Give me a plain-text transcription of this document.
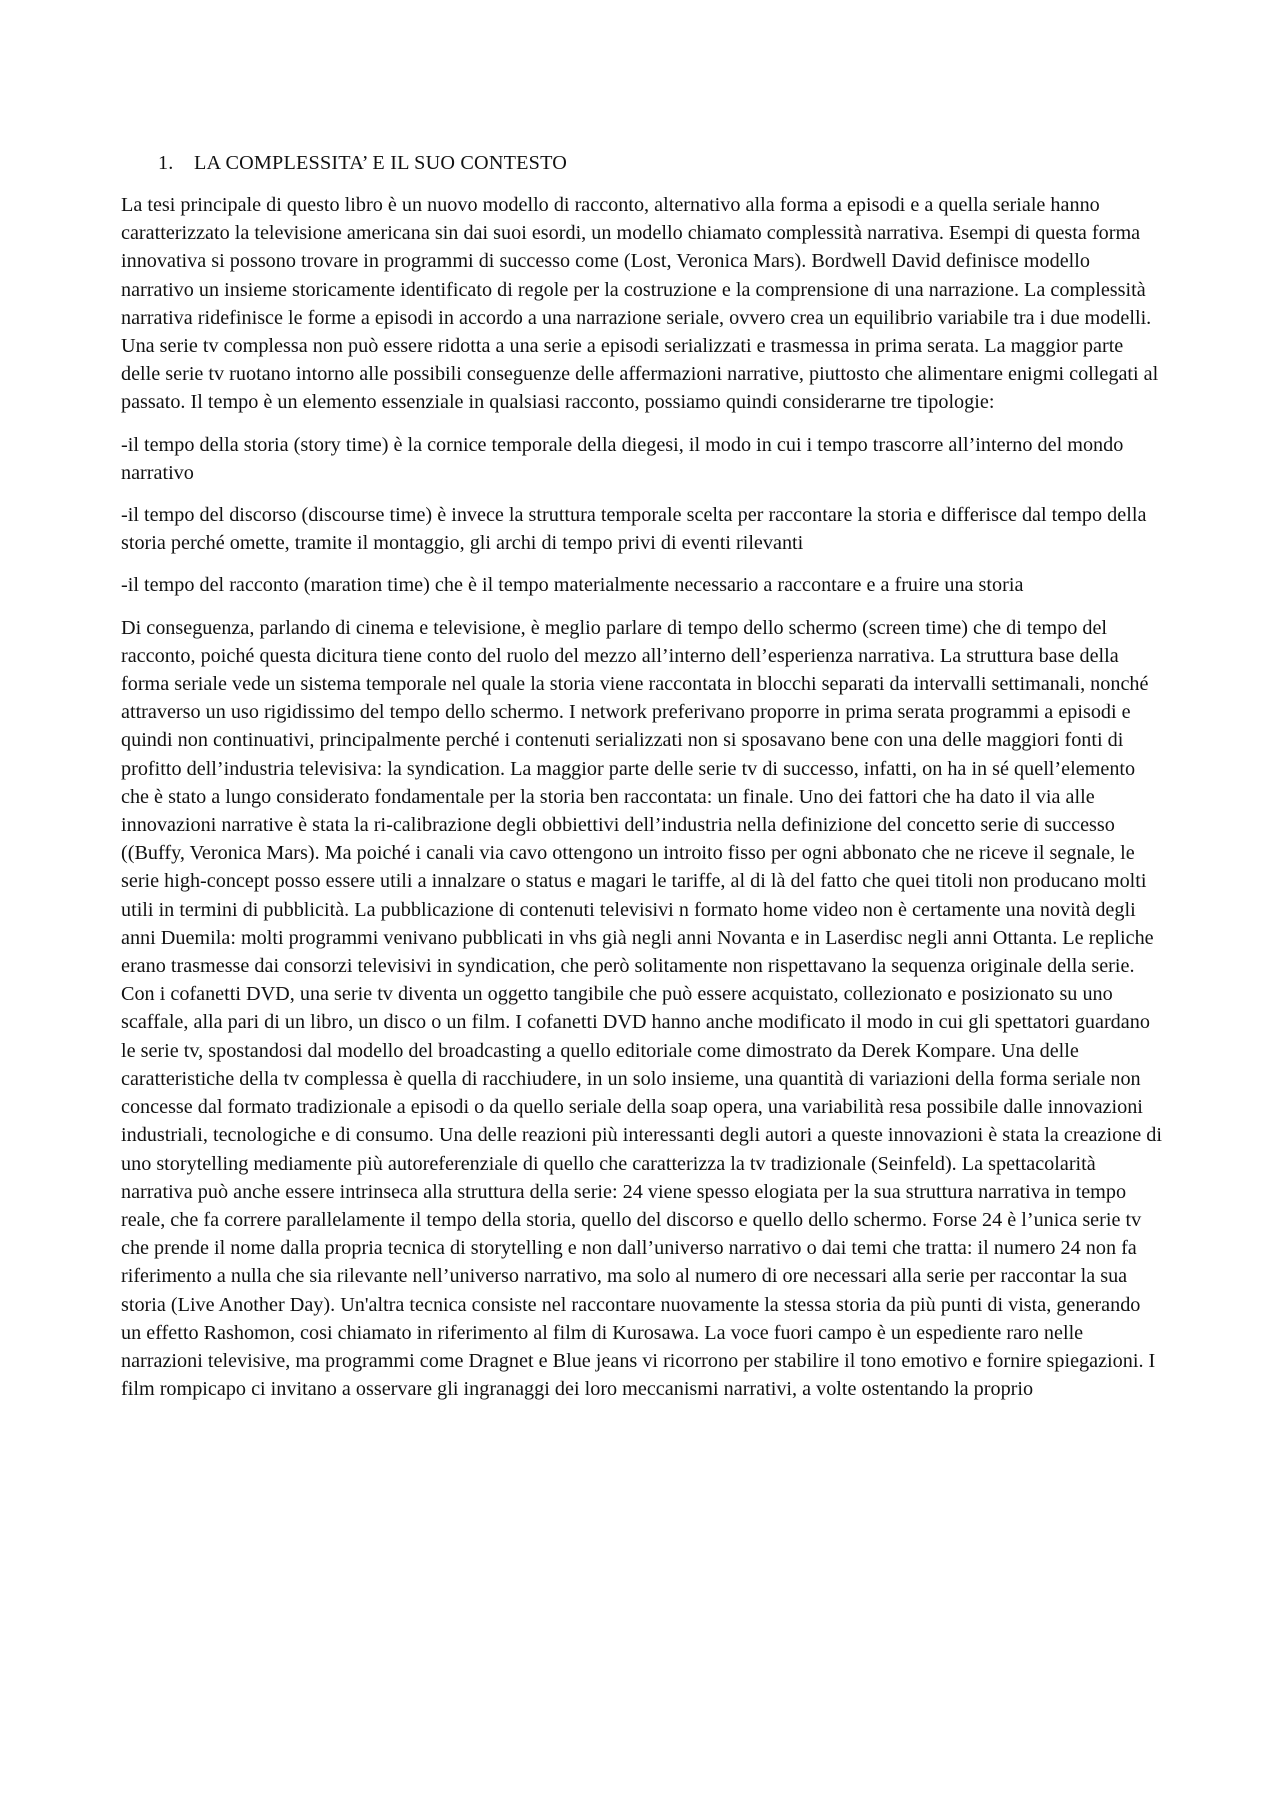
1.	LA COMPLESSITA’ E IL SUO CONTESTO

La tesi principale di questo libro è un nuovo modello di racconto, alternativo alla forma a episodi e a quella seriale hanno caratterizzato la televisione americana sin dai suoi esordi, un modello chiamato complessità narrativa. Esempi di questa forma innovativa si possono trovare in programmi di successo come (Lost, Veronica Mars). Bordwell David definisce modello narrativo un insieme storicamente identificato di regole per la costruzione e la comprensione di una narrazione. La complessità narrativa ridefinisce le forme a episodi in accordo a una narrazione seriale, ovvero crea un equilibrio variabile tra i due modelli. Una serie tv complessa non può essere ridotta a una serie a episodi serializzati e trasmessa in prima serata. La maggior parte delle serie tv ruotano intorno alle possibili conseguenze delle affermazioni narrative, piuttosto che alimentare enigmi collegati al passato. Il tempo è un elemento essenziale in qualsiasi racconto, possiamo quindi considerarne tre tipologie:

-il tempo della storia (story time) è la cornice temporale della diegesi, il modo in cui i tempo trascorre all’interno del mondo narrativo

-il tempo del discorso (discourse time) è invece la struttura temporale scelta per raccontare la storia e differisce dal tempo della storia perché omette, tramite il montaggio, gli archi di tempo privi di eventi rilevanti

-il tempo del racconto (maration time) che è il tempo materialmente necessario a raccontare e a fruire una storia

Di conseguenza, parlando di cinema e televisione, è meglio parlare di tempo dello schermo (screen time) che di tempo del racconto, poiché questa dicitura tiene conto del ruolo del mezzo all’interno dell’esperienza narrativa. La struttura base della forma seriale vede un sistema temporale nel quale la storia viene raccontata in blocchi separati da intervalli settimanali, nonché attraverso un uso rigidissimo del tempo dello schermo. I network preferivano proporre in prima serata programmi a episodi e quindi non continuativi, principalmente perché i contenuti serializzati non si sposavano bene con una delle maggiori fonti di profitto dell’industria televisiva: la syndication. La maggior parte delle serie tv di successo, infatti, on ha in sé quell’elemento che è stato a lungo considerato fondamentale per la storia ben raccontata: un finale. Uno dei fattori che ha dato il via alle innovazioni narrative è stata la ri-calibrazione degli obbiettivi dell’industria nella definizione del concetto serie di successo ((Buffy, Veronica Mars). Ma poiché i canali via cavo ottengono un introito fisso per ogni abbonato che ne riceve il segnale, le serie high-concept posso essere utili a innalzare o status e magari le tariffe, al di là del fatto che quei titoli non producano molti utili in termini di pubblicità. La pubblicazione di contenuti televisivi n formato home video non è certamente una novità degli anni Duemila: molti programmi venivano pubblicati in vhs già negli anni Novanta e in Laserdisc negli anni Ottanta. Le repliche erano trasmesse dai consorzi televisivi in syndication, che però solitamente non rispettavano la sequenza originale della serie. Con i cofanetti DVD, una serie tv diventa un oggetto tangibile che può essere acquistato, collezionato e posizionato su uno scaffale, alla pari di un libro, un disco o un film. I cofanetti DVD hanno anche modificato il modo in cui gli spettatori guardano le serie tv, spostandosi dal modello del broadcasting a quello editoriale come dimostrato da Derek Kompare. Una delle caratteristiche della tv complessa è quella di racchiudere, in un solo insieme, una quantità di variazioni della forma seriale non concesse dal formato tradizionale a episodi o da quello seriale della soap opera, una variabilità resa possibile dalle innovazioni industriali, tecnologiche e di consumo. Una delle reazioni più interessanti degli autori a queste innovazioni è stata la creazione di uno storytelling mediamente più autoreferenziale di quello che caratterizza la tv tradizionale (Seinfeld). La spettacolarità narrativa può anche essere intrinseca alla struttura della serie: 24 viene spesso elogiata per la sua struttura narrativa in tempo reale, che fa correre parallelamente il tempo della storia, quello del discorso e quello dello schermo. Forse 24 è l’unica serie tv che prende il nome dalla propria tecnica di storytelling e non dall’universo narrativo o dai temi che tratta: il numero 24 non fa riferimento a nulla che sia rilevante nell’universo narrativo, ma solo al numero di ore necessari alla serie per raccontar la sua storia (Live Another Day). Un'altra tecnica consiste nel raccontare nuovamente la stessa storia da più punti di vista, generando un effetto Rashomon, cosi chiamato in riferimento al film di Kurosawa. La voce fuori campo è un espediente raro nelle narrazioni televisive, ma programmi come Dragnet e Blue jeans vi ricorrono per stabilire il tono emotivo e fornire spiegazioni. I film rompicapo ci invitano a osservare gli ingranaggi dei loro meccanismi narrativi, a volte ostentando la proprio
